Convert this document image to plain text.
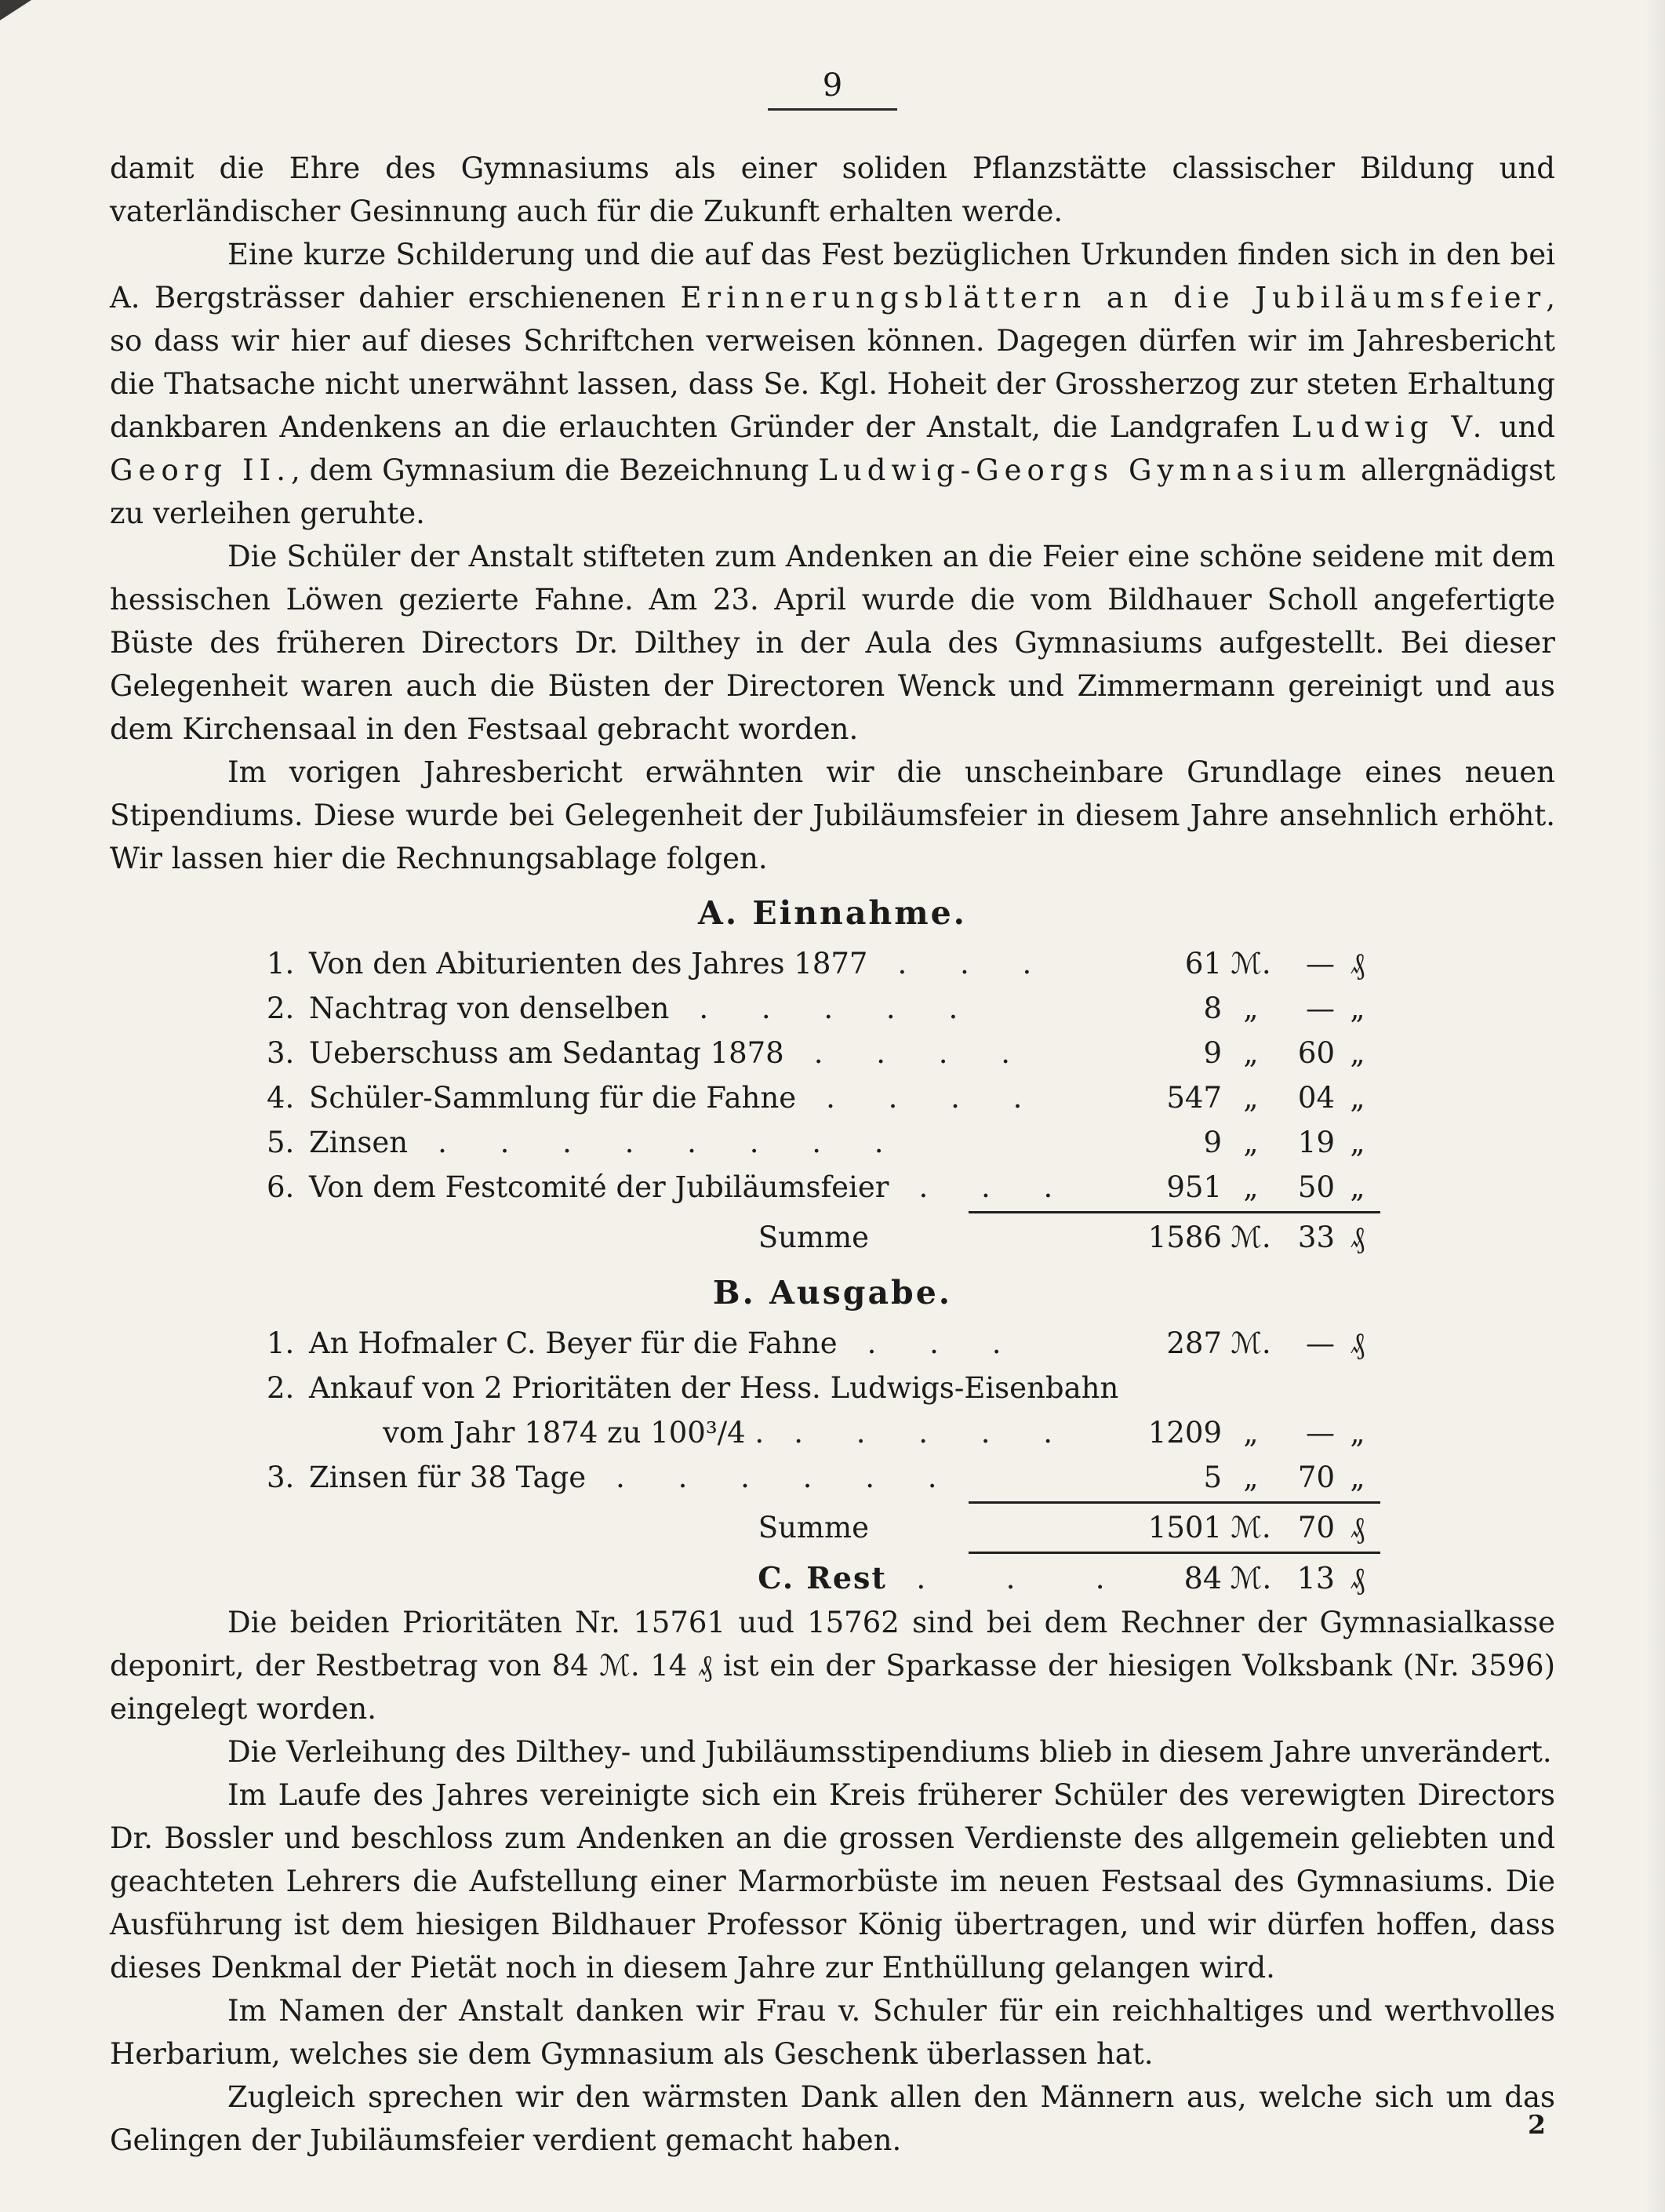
9

damit die Ehre des Gymnasiums als einer soliden Pflanzstätte classischer Bildung und vaterländischer Gesinnung auch für die Zukunft erhalten werde.

Eine kurze Schilderung und die auf das Fest bezüglichen Urkunden finden sich in den bei A. Bergsträsser dahier erschienenen Erinnerungsblättern an die Jubiläumsfeier, so dass wir hier auf dieses Schriftchen verweisen können. Dagegen dürfen wir im Jahresbericht die Thatsache nicht unerwähnt lassen, dass Se. Kgl. Hoheit der Grossherzog zur steten Erhaltung dankbaren Andenkens an die erlauchten Gründer der Anstalt, die Landgrafen Ludwig V. und Georg II., dem Gymnasium die Bezeichnung Ludwig-Georgs Gymnasium allergnädigst zu verleihen geruhte.

Die Schüler der Anstalt stifteten zum Andenken an die Feier eine schöne seidene mit dem hessischen Löwen gezierte Fahne. Am 23. April wurde die vom Bildhauer Scholl angefertigte Büste des früheren Directors Dr. Dilthey in der Aula des Gymnasiums aufgestellt. Bei dieser Gelegenheit waren auch die Büsten der Directoren Wenck und Zimmermann gereinigt und aus dem Kirchensaal in den Festsaal gebracht worden.

Im vorigen Jahresbericht erwähnten wir die unscheinbare Grundlage eines neuen Stipendiums. Diese wurde bei Gelegenheit der Jubiläumsfeier in diesem Jahre ansehnlich erhöht. Wir lassen hier die Rechnungsablage folgen.

A. Einnahme.
1. Von den Abiturienten des Jahres 1877	. . .	61 ℳ.	— ₰
2. Nachtrag von denselben	. . . . .	8 „	— „
3. Ueberschuss am Sedantag 1878	. . . .	9 „	60 „
4. Schüler-Sammlung für die Fahne	. . . .	547 „	04 „
5. Zinsen	. . . . . . . .	9 „	19 „
6. Von dem Festcomité der Jubiläumsfeier	. . .	951 „	50 „
Summe	1586 ℳ. 33 ₰
B. Ausgabe.
1. An Hofmaler C. Beyer für die Fahne	. . .	287 ℳ.	— ₰
2. Ankauf von 2 Prioritäten der Hess. Ludwigs-Eisenbahn
vom Jahr 1874 zu 100³/4 .	. . . . .	1209 „	— „
3. Zinsen für 38 Tage	. . . . . .	5 „	70 „
Summe	1501 ℳ. 70 ₰
C. Rest . . .	84 ℳ. 13 ₰

Die beiden Prioritäten Nr. 15761 uud 15762 sind bei dem Rechner der Gymnasialkasse deponirt, der Restbetrag von 84 ℳ. 14 ₰ ist ein der Sparkasse der hiesigen Volksbank (Nr. 3596) eingelegt worden.

Die Verleihung des Dilthey- und Jubiläumsstipendiums blieb in diesem Jahre unverändert.

Im Laufe des Jahres vereinigte sich ein Kreis früherer Schüler des verewigten Directors Dr. Bossler und beschloss zum Andenken an die grossen Verdienste des allgemein geliebten und geachteten Lehrers die Aufstellung einer Marmorbüste im neuen Festsaal des Gymnasiums. Die Ausführung ist dem hiesigen Bildhauer Professor König übertragen, und wir dürfen hoffen, dass dieses Denkmal der Pietät noch in diesem Jahre zur Enthüllung gelangen wird.

Im Namen der Anstalt danken wir Frau v. Schuler für ein reichhaltiges und werthvolles Herbarium, welches sie dem Gymnasium als Geschenk überlassen hat.

Zugleich sprechen wir den wärmsten Dank allen den Männern aus, welche sich um das Gelingen der Jubiläumsfeier verdient gemacht haben.	2
